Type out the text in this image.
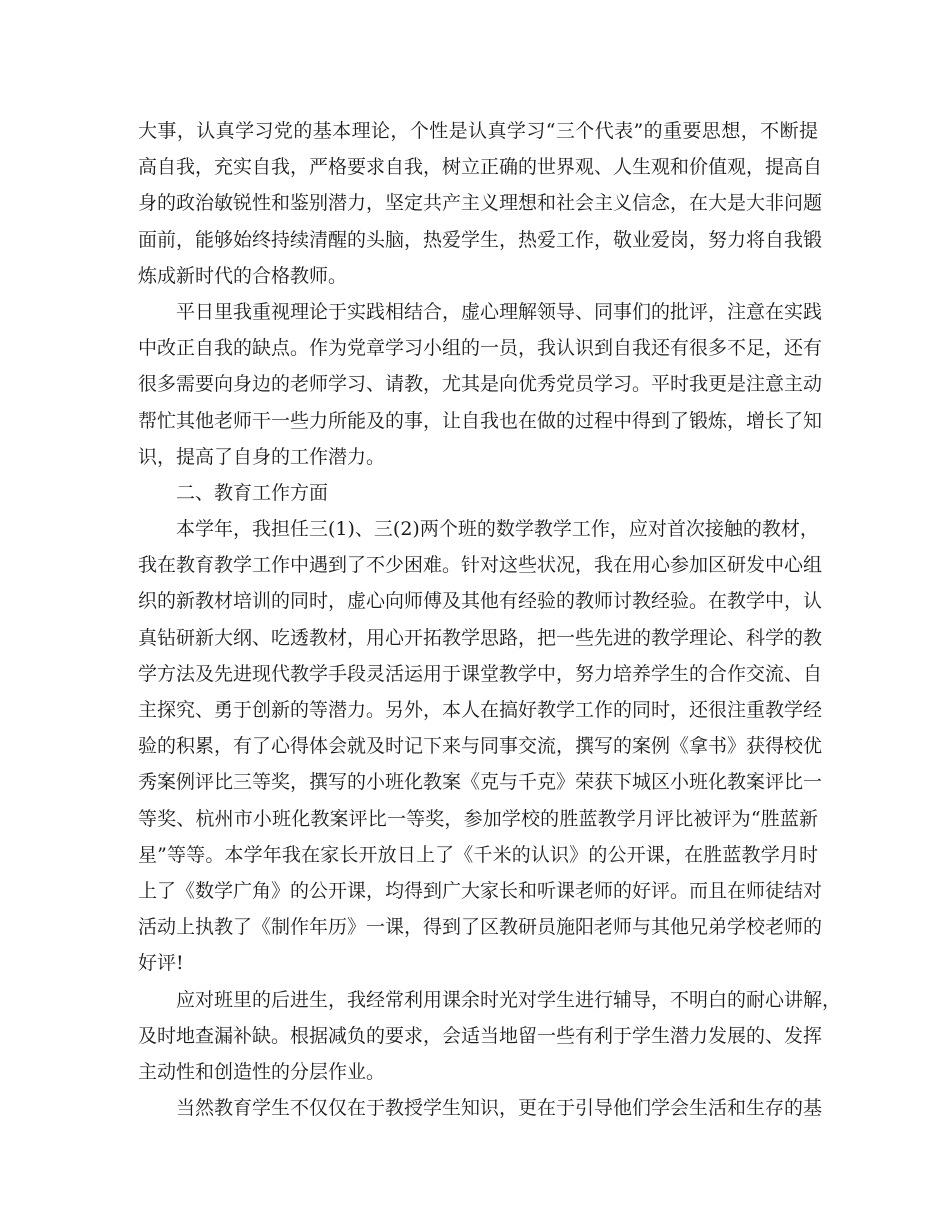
大事，认真学习党的基本理论，个性是认真学习“三个代表”的重要思想，不断提
高自我，充实自我，严格要求自我，树立正确的世界观、人生观和价值观，提高自
身的政治敏锐性和鉴别潜力，坚定共产主义理想和社会主义信念，在大是大非问题
面前，能够始终持续清醒的头脑，热爱学生，热爱工作，敬业爱岗，努力将自我锻
炼成新时代的合格教师。
　　平日里我重视理论于实践相结合，虚心理解领导、同事们的批评，注意在实践
中改正自我的缺点。作为党章学习小组的一员，我认识到自我还有很多不足，还有
很多需要向身边的老师学习、请教，尤其是向优秀党员学习。平时我更是注意主动
帮忙其他老师干一些力所能及的事，让自我也在做的过程中得到了锻炼，增长了知
识，提高了自身的工作潜力。
　　二、教育工作方面
　　本学年，我担任三(1)、三(2)两个班的数学教学工作，应对首次接触的教材，
我在教育教学工作中遇到了不少困难。针对这些状况，我在用心参加区研发中心组
织的新教材培训的同时，虚心向师傅及其他有经验的教师讨教经验。在教学中，认
真钻研新大纲、吃透教材，用心开拓教学思路，把一些先进的教学理论、科学的教
学方法及先进现代教学手段灵活运用于课堂教学中，努力培养学生的合作交流、自
主探究、勇于创新的等潜力。另外，本人在搞好教学工作的同时，还很注重教学经
验的积累，有了心得体会就及时记下来与同事交流，撰写的案例《拿书》获得校优
秀案例评比三等奖，撰写的小班化教案《克与千克》荣获下城区小班化教案评比一
等奖、杭州市小班化教案评比一等奖，参加学校的胜蓝教学月评比被评为“胜蓝新
星”等等。本学年我在家长开放日上了《千米的认识》的公开课，在胜蓝教学月时
上了《数学广角》的公开课，均得到广大家长和听课老师的好评。而且在师徒结对
活动上执教了《制作年历》一课，得到了区教研员施阳老师与其他兄弟学校老师的
好评!
　　应对班里的后进生，我经常利用课余时光对学生进行辅导，不明白的耐心讲解，
及时地查漏补缺。根据减负的要求，会适当地留一些有利于学生潜力发展的、发挥
主动性和创造性的分层作业。
　　当然教育学生不仅仅在于教授学生知识，更在于引导他们学会生活和生存的基
